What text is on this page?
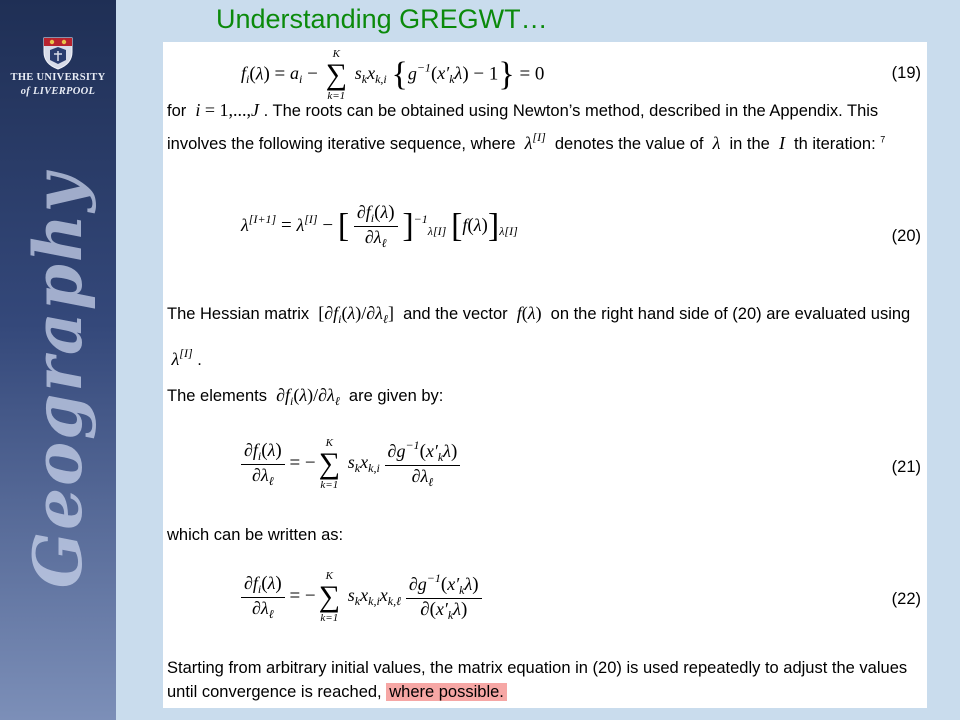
THE UNIVERSITY
of LIVERPOOL
Geography
Understanding GREGWT…
$f_i(\lambda) = a_i$ −
K
∑
k=1
$s_kx_{k,i}$ $\{g^{-1}(x'_k\lambda) - 1\} = 0$	(19)
for  i = 1,...,J . The roots can be obtained using Newton’s method, described in the Appendix. This involves the following iterative sequence, where  λ[I] denotes the value of  λ  in the  I  th iteration: $^7$
λ[I+1] = λ[I] − [ $\frac{\partial f_i(\lambda)}{\partial\lambda_\ell} ]^{-1}_{\lambda[I]}$ $[f(\lambda)]_{\lambda[I]}$	(20)
The Hessian matrix  $[\partial f_i(\lambda)/\partial\lambda_\ell]$  and the vector  f(λ)  on the right hand side of (20) are evaluated using  λ[I] .
The elements  $\partial f_i(\lambda)/\partial\lambda_\ell$ are given by:
$\frac{\partial f_i(\lambda)}{\partial\lambda_\ell}$ = −
K
∑
k=1
$s_kx_{k,i} \frac{\partial g^{-1}(x'_k\lambda)}{\partial\lambda_\ell}$	(21)
which can be written as:
$\frac{\partial f_i(\lambda)}{\partial\lambda_\ell}$ = −
K
∑
k=1
$s_kx_{k,i}x_{k,\ell} \frac{\partial g^{-1}(x'_k\lambda)}{\partial(x'_k\lambda)}$	(22)
Starting from arbitrary initial values, the matrix equation in (20) is used repeatedly to adjust the values until convergence is reached, where possible.
